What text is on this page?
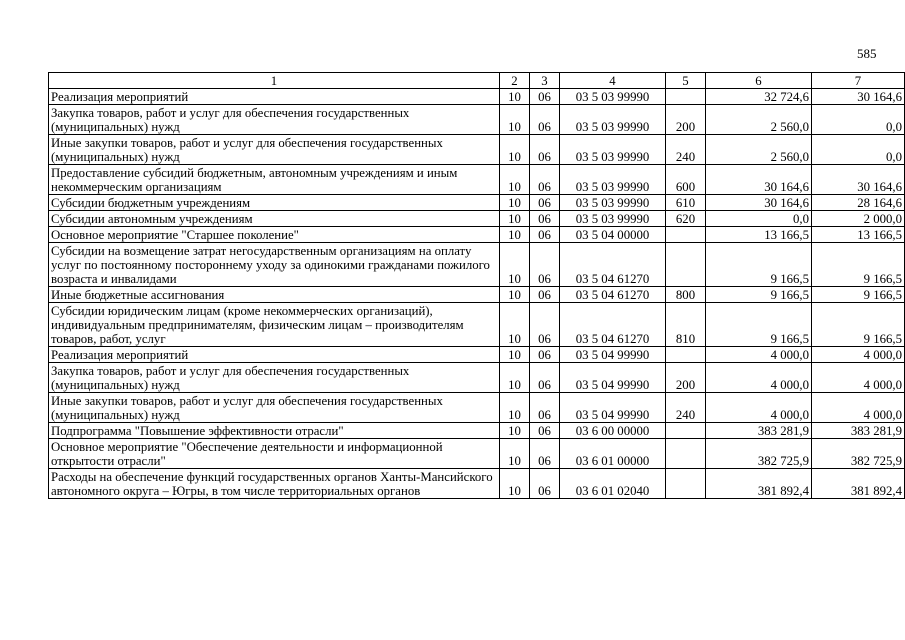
585
1	2	3	4	5	6	7
Реализация мероприятий	10	06	03 5 03 99990		32 724,6	30 164,6
Закупка товаров, работ и услуг для обеспечения государственных (муниципальных) нужд	10	06	03 5 03 99990	200	2 560,0	0,0
Иные закупки товаров, работ и услуг для обеспечения государственных (муниципальных) нужд	10	06	03 5 03 99990	240	2 560,0	0,0
Предоставление субсидий бюджетным, автономным учреждениям и иным некоммерческим организациям	10	06	03 5 03 99990	600	30 164,6	30 164,6
Субсидии бюджетным учреждениям	10	06	03 5 03 99990	610	30 164,6	28 164,6
Субсидии автономным учреждениям	10	06	03 5 03 99990	620	0,0	2 000,0
Основное мероприятие "Старшее поколение"	10	06	03 5 04 00000		13 166,5	13 166,5
Субсидии на возмещение затрат негосударственным организациям на оплату услуг по постоянному постороннему уходу за одинокими гражданами пожилого возраста и инвалидами	10	06	03 5 04 61270		9 166,5	9 166,5
Иные бюджетные ассигнования	10	06	03 5 04 61270	800	9 166,5	9 166,5
Субсидии юридическим лицам (кроме некоммерческих организаций), индивидуальным предпринимателям, физическим лицам – производителям товаров, работ, услуг	10	06	03 5 04 61270	810	9 166,5	9 166,5
Реализация мероприятий	10	06	03 5 04 99990		4 000,0	4 000,0
Закупка товаров, работ и услуг для обеспечения государственных (муниципальных) нужд	10	06	03 5 04 99990	200	4 000,0	4 000,0
Иные закупки товаров, работ и услуг для обеспечения государственных (муниципальных) нужд	10	06	03 5 04 99990	240	4 000,0	4 000,0
Подпрограмма "Повышение эффективности отрасли"	10	06	03 6 00 00000		383 281,9	383 281,9
Основное мероприятие "Обеспечение деятельности и информационной открытости отрасли"	10	06	03 6 01 00000		382 725,9	382 725,9
Расходы на обеспечение функций государственных органов Ханты-Мансийского автономного округа – Югры, в том числе территориальных органов	10	06	03 6 01 02040		381 892,4	381 892,4
